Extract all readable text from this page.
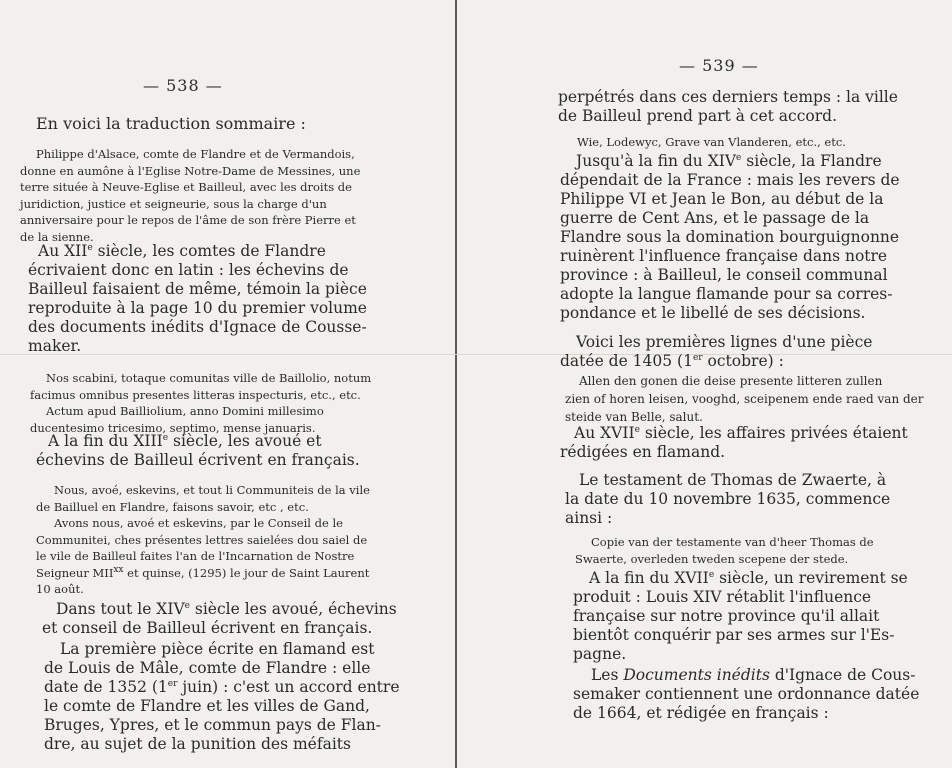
— 538 —

En voici la traduction sommaire :

Philippe d'Alsace, comte de Flandre et de Vermandois,
donne en aumône à l'Eglise Notre-Dame de Messines, une
terre située à Neuve-Eglise et Bailleul, avec les droits de
juridiction, justice et seigneurie, sous la charge d'un
anniversaire pour le repos de l'âme de son frère Pierre et
de la sienne.

Au XIIe siècle, les comtes de Flandre
écrivaient donc en latin : les échevins de
Bailleul faisaient de même, témoin la pièce
reproduite à la page 10 du premier volume
des documents inédits d'Ignace de Cousse-
maker.

Nos scabini, totaque comunitas ville de Baillolio, notum
facimus omnibus presentes litteras inspecturis, etc., etc.
Actum apud Bailliolium, anno Domini millesimo
ducentesimo tricesimo, septimo, mense januaris.

A la fin du XIIIe siècle, les avoué et
échevins de Bailleul écrivent en français.

Nous, avoé, eskevins, et tout li Communiteis de la vile
de Bailluel en Flandre, faisons savoir, etc , etc.
Avons nous, avoé et eskevins, par le Conseil de le
Communitei, ches présentes lettres saielées dou saiel de
le vile de Bailleul faites l'an de l'Incarnation de Nostre
Seigneur MII$^{xx}$ et quinse, (1295) le jour de Saint Laurent
10 août.

Dans tout le XIVe siècle les avoué, échevins
et conseil de Bailleul écrivent en français.

La première pièce écrite en flamand est
de Louis de Mâle, comte de Flandre : elle
date de 1352 (1er juin) : c'est un accord entre
le comte de Flandre et les villes de Gand,
Bruges, Ypres, et le commun pays de Flan-
dre, au sujet de la punition des méfaits

— 539 —

perpétrés dans ces derniers temps : la ville
de Bailleul prend part à cet accord.

Wie, Lodewyc, Grave van Vlanderen, etc., etc.

Jusqu'à la fin du XIVe siècle, la Flandre
dépendait de la France : mais les revers de
Philippe VI et Jean le Bon, au début de la
guerre de Cent Ans, et le passage de la
Flandre sous la domination bourguignonne
ruinèrent l'influence française dans notre
province : à Bailleul, le conseil communal
adopte la langue flamande pour sa corres-
pondance et le libellé de ses décisions.

Voici les premières lignes d'une pièce
datée de 1405 (1er octobre) :

Allen den gonen die deise presente litteren zullen
zien of horen leisen, vooghd, sceipenem ende raed van der
steide van Belle, salut.

Au XVIIe siècle, les affaires privées étaient
rédigées en flamand.

Le testament de Thomas de Zwaerte, à
la date du 10 novembre 1635, commence
ainsi :

Copie van der testamente van d'heer Thomas de
Swaerte, overleden tweden scepene der stede.

A la fin du XVIIe siècle, un revirement se
produit : Louis XIV rétablit l'influence
française sur notre province qu'il allait
bientôt conquérir par ses armes sur l'Es-
pagne.

Les Documents inédits d'Ignace de Cous-
semaker contiennent une ordonnance datée
de 1664, et rédigée en français :
